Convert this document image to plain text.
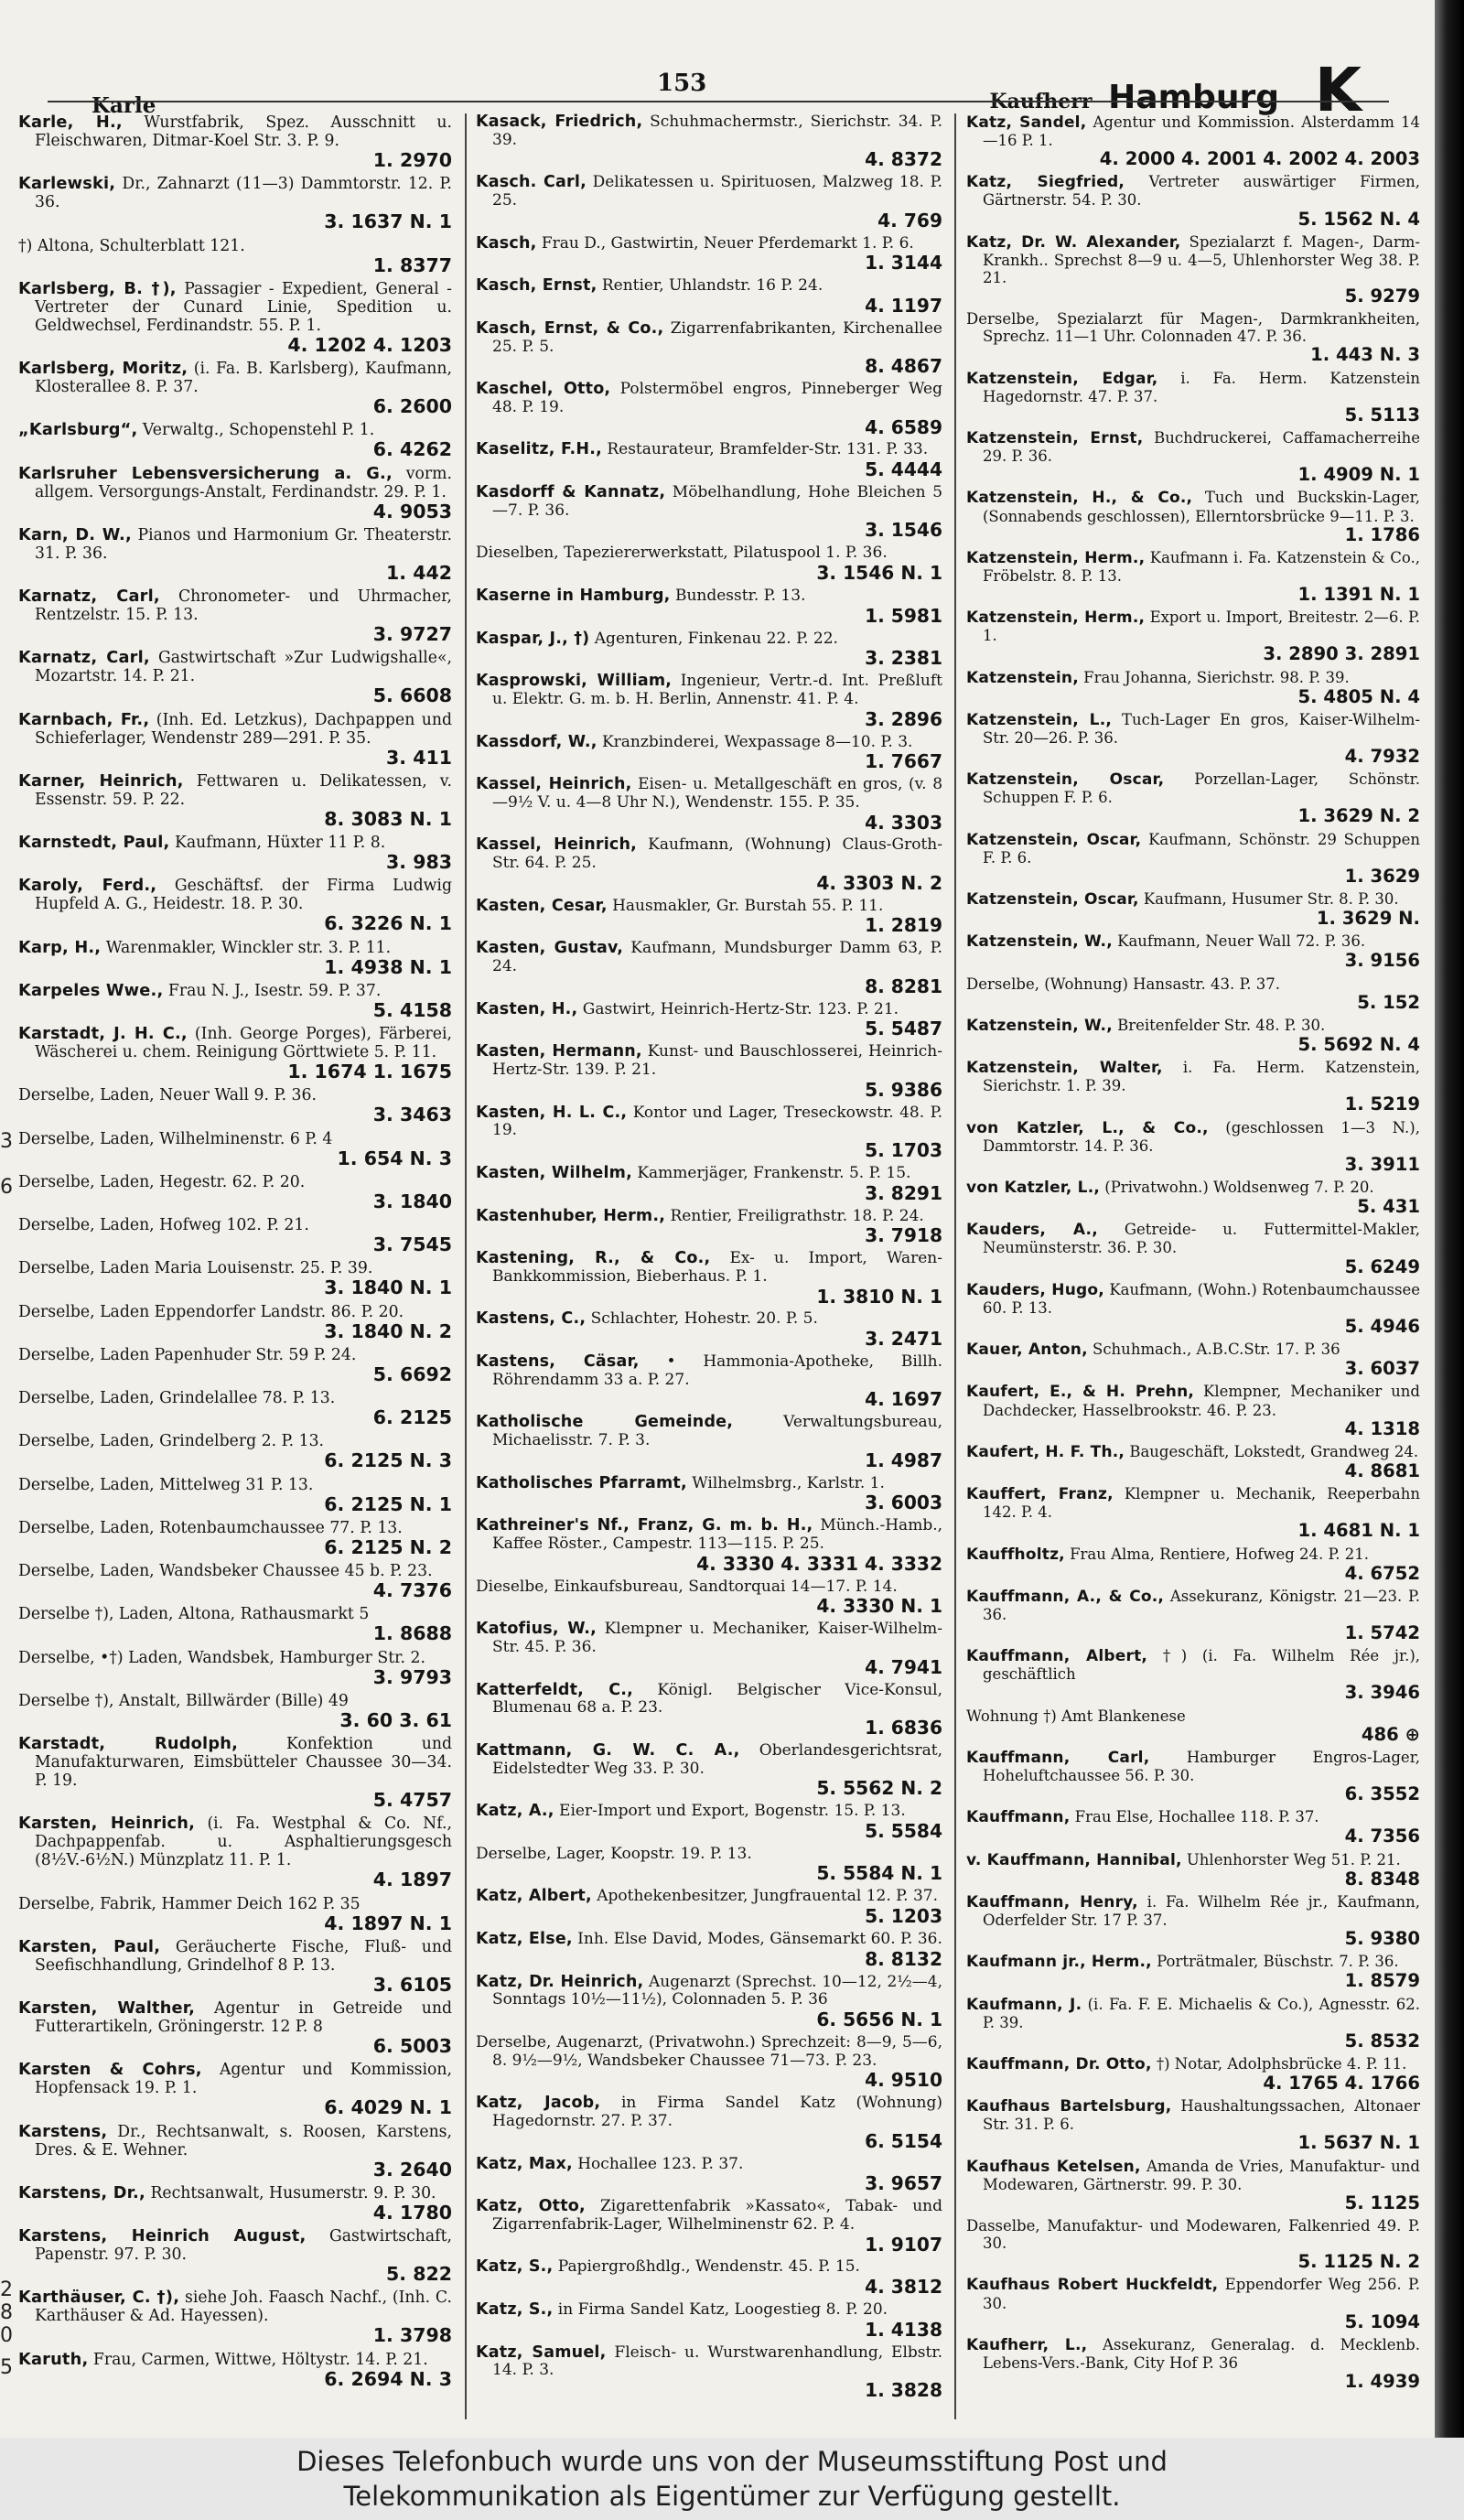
Karle
153
Kaufherr Hamburg K

Karle, H., Wurstfabrik, Spez. Ausschnitt u. Fleischwaren, Ditmar-Koel Str. 3. P. 9.
1. 2970

Karlewski, Dr., Zahnarzt (11—3) Dammtorstr. 12. P. 36.
3. 1637 N. 1

†) Altona, Schulterblatt 121.
1. 8377

Karlsberg, B. †), Passagier - Expedient, General - Vertreter der Cunard Linie, Spedition u. Geldwechsel, Ferdinandstr. 55. P. 1.
4. 1202 4. 1203

Karlsberg, Moritz, (i. Fa. B. Karlsberg), Kaufmann, Klosterallee 8. P. 37.
6. 2600

„Karlsburg“, Verwaltg., Schopenstehl P. 1.
6. 4262

Karlsruher Lebensversicherung a. G., vorm. allgem. Versorgungs-Anstalt, Ferdinandstr. 29. P. 1.
4. 9053

Karn, D. W., Pianos und Harmonium Gr. Theaterstr. 31. P. 36.
1. 442

Karnatz, Carl, Chronometer- und Uhrmacher, Rentzelstr. 15. P. 13.
3. 9727

Karnatz, Carl, Gastwirtschaft »Zur Ludwigshalle«, Mozartstr. 14. P. 21.
5. 6608

Karnbach, Fr., (Inh. Ed. Letzkus), Dachpappen und Schieferlager, Wendenstr 289—291. P. 35.
3. 411

Karner, Heinrich, Fettwaren u. Delikatessen, v. Essenstr. 59. P. 22.
8. 3083 N. 1

Karnstedt, Paul, Kaufmann, Hüxter 11 P. 8.
3. 983

Karoly, Ferd., Geschäftsf. der Firma Ludwig Hupfeld A. G., Heidestr. 18. P. 30.
6. 3226 N. 1

Karp, H., Warenmakler, Winckler str. 3. P. 11.
1. 4938 N. 1

Karpeles Wwe., Frau N. J., Isestr. 59. P. 37.
5. 4158

Karstadt, J. H. C., (Inh. George Porges), Färberei, Wäscherei u. chem. Reinigung Görttwiete 5. P. 11.
1. 1674 1. 1675

Derselbe, Laden, Neuer Wall 9. P. 36.
3. 3463

Derselbe, Laden, Wilhelminenstr. 6 P. 4
1. 654 N. 3

Derselbe, Laden, Hegestr. 62. P. 20.
3. 1840

Derselbe, Laden, Hofweg 102. P. 21.
3. 7545

Derselbe, Laden Maria Louisenstr. 25. P. 39.
3. 1840 N. 1

Derselbe, Laden Eppendorfer Landstr. 86. P. 20.
3. 1840 N. 2

Derselbe, Laden Papenhuder Str. 59 P. 24.
5. 6692

Derselbe, Laden, Grindelallee 78. P. 13.
6. 2125

Derselbe, Laden, Grindelberg 2. P. 13.
6. 2125 N. 3

Derselbe, Laden, Mittelweg 31 P. 13.
6. 2125 N. 1

Derselbe, Laden, Rotenbaumchaussee 77. P. 13.
6. 2125 N. 2

Derselbe, Laden, Wandsbeker Chaussee 45 b. P. 23.
4. 7376

Derselbe †), Laden, Altona, Rathausmarkt 5
1. 8688

Derselbe, •†) Laden, Wandsbek, Hamburger Str. 2.
3. 9793

Derselbe †), Anstalt, Billwärder (Bille) 49
3. 60 3. 61

Karstadt, Rudolph,	Konfektion und Manufakturwaren, Eimsbütteler Chaussee 30—34. P. 19.
5. 4757

Karsten, Heinrich, (i. Fa. Westphal & Co. Nf., Dachpappenfab. u. Asphaltierungsgesch (8½V.-6½N.) Münzplatz 11. P. 1.
4. 1897

Derselbe, Fabrik, Hammer Deich 162 P. 35
4. 1897 N. 1

Karsten, Paul, Geräucherte Fische, Fluß- und Seefischhandlung, Grindelhof 8 P. 13.
3. 6105

Karsten, Walther, Agentur in Getreide und Futterartikeln, Gröningerstr. 12 P. 8
6. 5003

Karsten & Cohrs, Agentur und Kommission, Hopfensack 19. P. 1.
6. 4029 N. 1

Karstens, Dr., Rechtsanwalt, s. Roosen, Karstens, Dres. & E. Wehner.
3. 2640

Karstens, Dr., Rechtsanwalt, Husumerstr. 9. P. 30.
4. 1780

Karstens, Heinrich August, Gastwirtschaft, Papenstr. 97. P. 30.
5. 822

Karthäuser, C. †), siehe Joh. Faasch Nachf., (Inh. C. Karthäuser & Ad. Hayessen).
1. 3798

Karuth, Frau, Carmen, Wittwe, Höltystr. 14. P. 21.
6. 2694 N. 3

Kasack, Friedrich, Schuhmachermstr., Sierichstr. 34. P. 39.
4. 8372

Kasch. Carl, Delikatessen u. Spirituosen, Malzweg 18. P. 25.
4. 769

Kasch, Frau D., Gastwirtin, Neuer Pferdemarkt 1. P. 6.
1. 3144

Kasch, Ernst, Rentier, Uhlandstr. 16 P. 24.
4. 1197

Kasch, Ernst, & Co., Zigarrenfabrikanten, Kirchenallee 25. P. 5.
8. 4867

Kaschel, Otto, Polstermöbel engros, Pinneberger Weg 48. P. 19.
4. 6589

Kaselitz, F.H., Restaurateur, Bramfelder-Str. 131. P. 33.
5. 4444

Kasdorff & Kannatz, Möbelhandlung, Hohe Bleichen 5—7. P. 36.
3. 1546

Dieselben, Tapeziererwerkstatt, Pilatuspool 1. P. 36.
3. 1546 N. 1

Kaserne in Hamburg, Bundesstr. P. 13.
1. 5981

Kaspar, J., †) Agenturen, Finkenau 22. P. 22.
3. 2381

Kasprowski, William, Ingenieur, Vertr.-d. Int. Preßluft u. Elektr. G. m. b. H. Berlin, Annenstr. 41. P. 4.
3. 2896

Kassdorf, W., Kranzbinderei, Wexpassage 8—10. P. 3.
1. 7667

Kassel, Heinrich, Eisen- u. Metallgeschäft en gros, (v. 8—9½ V. u. 4—8 Uhr N.), Wendenstr. 155. P. 35.
4. 3303

Kassel, Heinrich, Kaufmann, (Wohnung) Claus-Groth-Str. 64. P. 25.
4. 3303 N. 2

Kasten, Cesar, Hausmakler, Gr. Burstah 55. P. 11.
1. 2819

Kasten, Gustav, Kaufmann, Mundsburger Damm 63, P. 24.
8. 8281

Kasten, H., Gastwirt, Heinrich-Hertz-Str. 123. P. 21.
5. 5487

Kasten, Hermann, Kunst- und Bauschlosserei, Heinrich-Hertz-Str. 139. P. 21.
5. 9386

Kasten, H. L. C., Kontor und Lager, Treseckowstr. 48. P. 19.
5. 1703

Kasten, Wilhelm, Kammerjäger, Frankenstr. 5. P. 15.
3. 8291

Kastenhuber, Herm., Rentier, Freiligrathstr. 18. P. 24.
3. 7918

Kastening, R., & Co., Ex- u. Import, Waren-Bankkommission, Bieberhaus. P. 1.
1. 3810 N. 1

Kastens, C., Schlachter, Hohestr. 20. P. 5.
3. 2471

Kastens, Cäsar, • Hammonia-Apotheke, Billh. Röhrendamm 33 a. P. 27.
4. 1697

Katholische Gemeinde,	Verwaltungsbureau, Michaelisstr. 7. P. 3.
1. 4987

Katholisches Pfarramt, Wilhelmsbrg., Karlstr. 1.
3. 6003

Kathreiner's Nf., Franz, G. m. b. H., Münch.-Hamb., Kaffee Röster., Campestr. 113—115. P. 25.
4. 3330 4. 3331 4. 3332

Dieselbe, Einkaufsbureau, Sandtorquai 14—17. P. 14.
4. 3330 N. 1

Katofius, W., Klempner u. Mechaniker, Kaiser-Wilhelm-Str. 45. P. 36.
4. 7941

Katterfeldt, C., Königl. Belgischer Vice-Konsul, Blumenau 68 a. P. 23.
1. 6836

Kattmann, G. W. C. A., Oberlandesgerichtsrat, Eidelstedter Weg 33. P. 30.
5. 5562 N. 2

Katz, A., Eier-Import und Export, Bogenstr. 15. P. 13.
5. 5584

Derselbe, Lager, Koopstr. 19. P. 13.
5. 5584 N. 1

Katz, Albert, Apothekenbesitzer, Jungfrauental 12. P. 37.
5. 1203

Katz, Else, Inh. Else David, Modes, Gänsemarkt 60. P. 36.
8. 8132

Katz, Dr. Heinrich, Augenarzt (Sprechst. 10—12, 2½—4, Sonntags 10½—11½), Colonnaden 5. P. 36
6. 5656 N. 1

Derselbe, Augenarzt, (Privatwohn.) Sprechzeit: 8—9, 5—6, 8. 9½—9½, Wandsbeker Chaussee 71—73. P. 23.
4. 9510

Katz, Jacob, in Firma Sandel Katz (Wohnung) Hagedornstr. 27. P. 37.
6. 5154

Katz, Max, Hochallee 123. P. 37.
3. 9657

Katz, Otto, Zigarettenfabrik »Kassato«, Tabak- und Zigarrenfabrik-Lager, Wilhelminenstr 62. P. 4.
1. 9107

Katz, S., Papiergroßhdlg., Wendenstr. 45. P. 15.
4. 3812

Katz, S., in Firma Sandel Katz, Loogestieg 8. P. 20.
1. 4138

Katz, Samuel, Fleisch- u. Wurstwarenhandlung, Elbstr. 14. P. 3.
1. 3828

Katz, Sandel, Agentur und Kommission. Alsterdamm 14—16 P. 1.
4. 2000 4. 2001 4. 2002 4. 2003

Katz, Siegfried, Vertreter auswärtiger Firmen, Gärtnerstr. 54. P. 30.
5. 1562 N. 4

Katz, Dr. W. Alexander, Spezialarzt f. Magen-, Darm-Krankh.. Sprechst 8—9 u. 4—5, Uhlenhorster Weg 38. P. 21.
5. 9279

Derselbe, Spezialarzt für Magen-, Darmkrankheiten, Sprechz. 11—1 Uhr. Colonnaden 47. P. 36.
1. 443 N. 3

Katzenstein, Edgar, i. Fa. Herm. Katzenstein Hagedornstr. 47. P. 37.
5. 5113

Katzenstein, Ernst, Buchdruckerei, Caffamacherreihe 29. P. 36.
1. 4909 N. 1

Katzenstein, H., & Co., Tuch und Buckskin-Lager, (Sonnabends geschlossen), Ellerntorsbrücke 9—11. P. 3.
1. 1786

Katzenstein, Herm., Kaufmann i. Fa. Katzenstein & Co., Fröbelstr. 8. P. 13.
1. 1391 N. 1

Katzenstein, Herm., Export u. Import, Breitestr. 2—6. P. 1.
3. 2890 3. 2891

Katzenstein, Frau Johanna, Sierichstr. 98. P. 39.
5. 4805 N. 4

Katzenstein, L., Tuch-Lager En gros, Kaiser-Wilhelm-Str. 20—26. P. 36.
4. 7932

Katzenstein, Oscar, Porzellan-Lager, Schönstr. Schuppen F. P. 6.
1. 3629 N. 2

Katzenstein, Oscar, Kaufmann, Schönstr. 29 Schuppen F. P. 6.
1. 3629

Katzenstein, Oscar, Kaufmann, Husumer Str. 8. P. 30.
1. 3629 N.

Katzenstein, W., Kaufmann, Neuer Wall 72. P. 36.
3. 9156

Derselbe, (Wohnung) Hansastr. 43. P. 37.
5. 152

Katzenstein, W., Breitenfelder Str. 48. P. 30.
5. 5692 N. 4

Katzenstein, Walter, i. Fa. Herm. Katzenstein, Sierichstr. 1. P. 39.
1. 5219

von Katzler, L., & Co., (geschlossen 1—3 N.), Dammtorstr. 14. P. 36.
3. 3911

von Katzler, L., (Privatwohn.) Woldsenweg 7. P. 20.
5. 431

Kauders, A., Getreide- u. Futtermittel-Makler, Neumünsterstr. 36. P. 30.
5. 6249

Kauders, Hugo, Kaufmann, (Wohn.) Rotenbaumchaussee 60. P. 13.
5. 4946

Kauer, Anton, Schuhmach., A.B.C.Str. 17. P. 36
3. 6037

Kaufert, E., & H. Prehn, Klempner, Mechaniker und Dachdecker, Hasselbrookstr. 46. P. 23.
4. 1318

Kaufert, H. F. Th., Baugeschäft, Lokstedt, Grandweg 24.
4. 8681

Kauffert, Franz, Klempner u. Mechanik, Reeperbahn 142. P. 4.
1. 4681 N. 1

Kauffholtz, Frau Alma, Rentiere, Hofweg 24. P. 21.
4. 6752

Kauffmann, A., & Co., Assekuranz, Königstr. 21—23. P. 36.
1. 5742

Kauffmann, Albert, †) (i. Fa. Wilhelm Rée jr.), geschäftlich
3. 3946

Wohnung †) Amt Blankenese
486 ⊕

Kauffmann, Carl, Hamburger Engros-Lager, Hoheluftchaussee 56. P. 30.
6. 3552

Kauffmann, Frau Else, Hochallee 118. P. 37.
4. 7356

v. Kauffmann, Hannibal, Uhlenhorster Weg 51. P. 21.
8. 8348

Kauffmann, Henry, i. Fa. Wilhelm Rée jr., Kaufmann, Oderfelder Str. 17 P. 37.
5. 9380

Kaufmann jr., Herm., Porträtmaler, Büschstr. 7. P. 36.
1. 8579

Kaufmann, J. (i. Fa. F. E. Michaelis & Co.), Agnesstr. 62. P. 39.
5. 8532

Kauffmann, Dr. Otto, †) Notar, Adolphsbrücke 4. P. 11.
4. 1765 4. 1766

Kaufhaus Bartelsburg, Haushaltungssachen, Altonaer Str. 31. P. 6.
1. 5637 N. 1

Kaufhaus Ketelsen, Amanda de Vries, Manufaktur- und Modewaren, Gärtnerstr. 99. P. 30.
5. 1125

Dasselbe, Manufaktur- und Modewaren, Falkenried 49. P. 30.
5. 1125 N. 2

Kaufhaus Robert Huckfeldt, Eppendorfer Weg 256. P. 30.
5. 1094

Kaufherr, L., Assekuranz, Generalag. d. Mecklenb. Lebens-Vers.-Bank, City Hof P. 36
1. 4939

3
6
2
8
0
5
Dieses Telefonbuch wurde uns von der Museumsstiftung Post und
Telekommunikation als Eigentümer zur Verfügung gestellt.
